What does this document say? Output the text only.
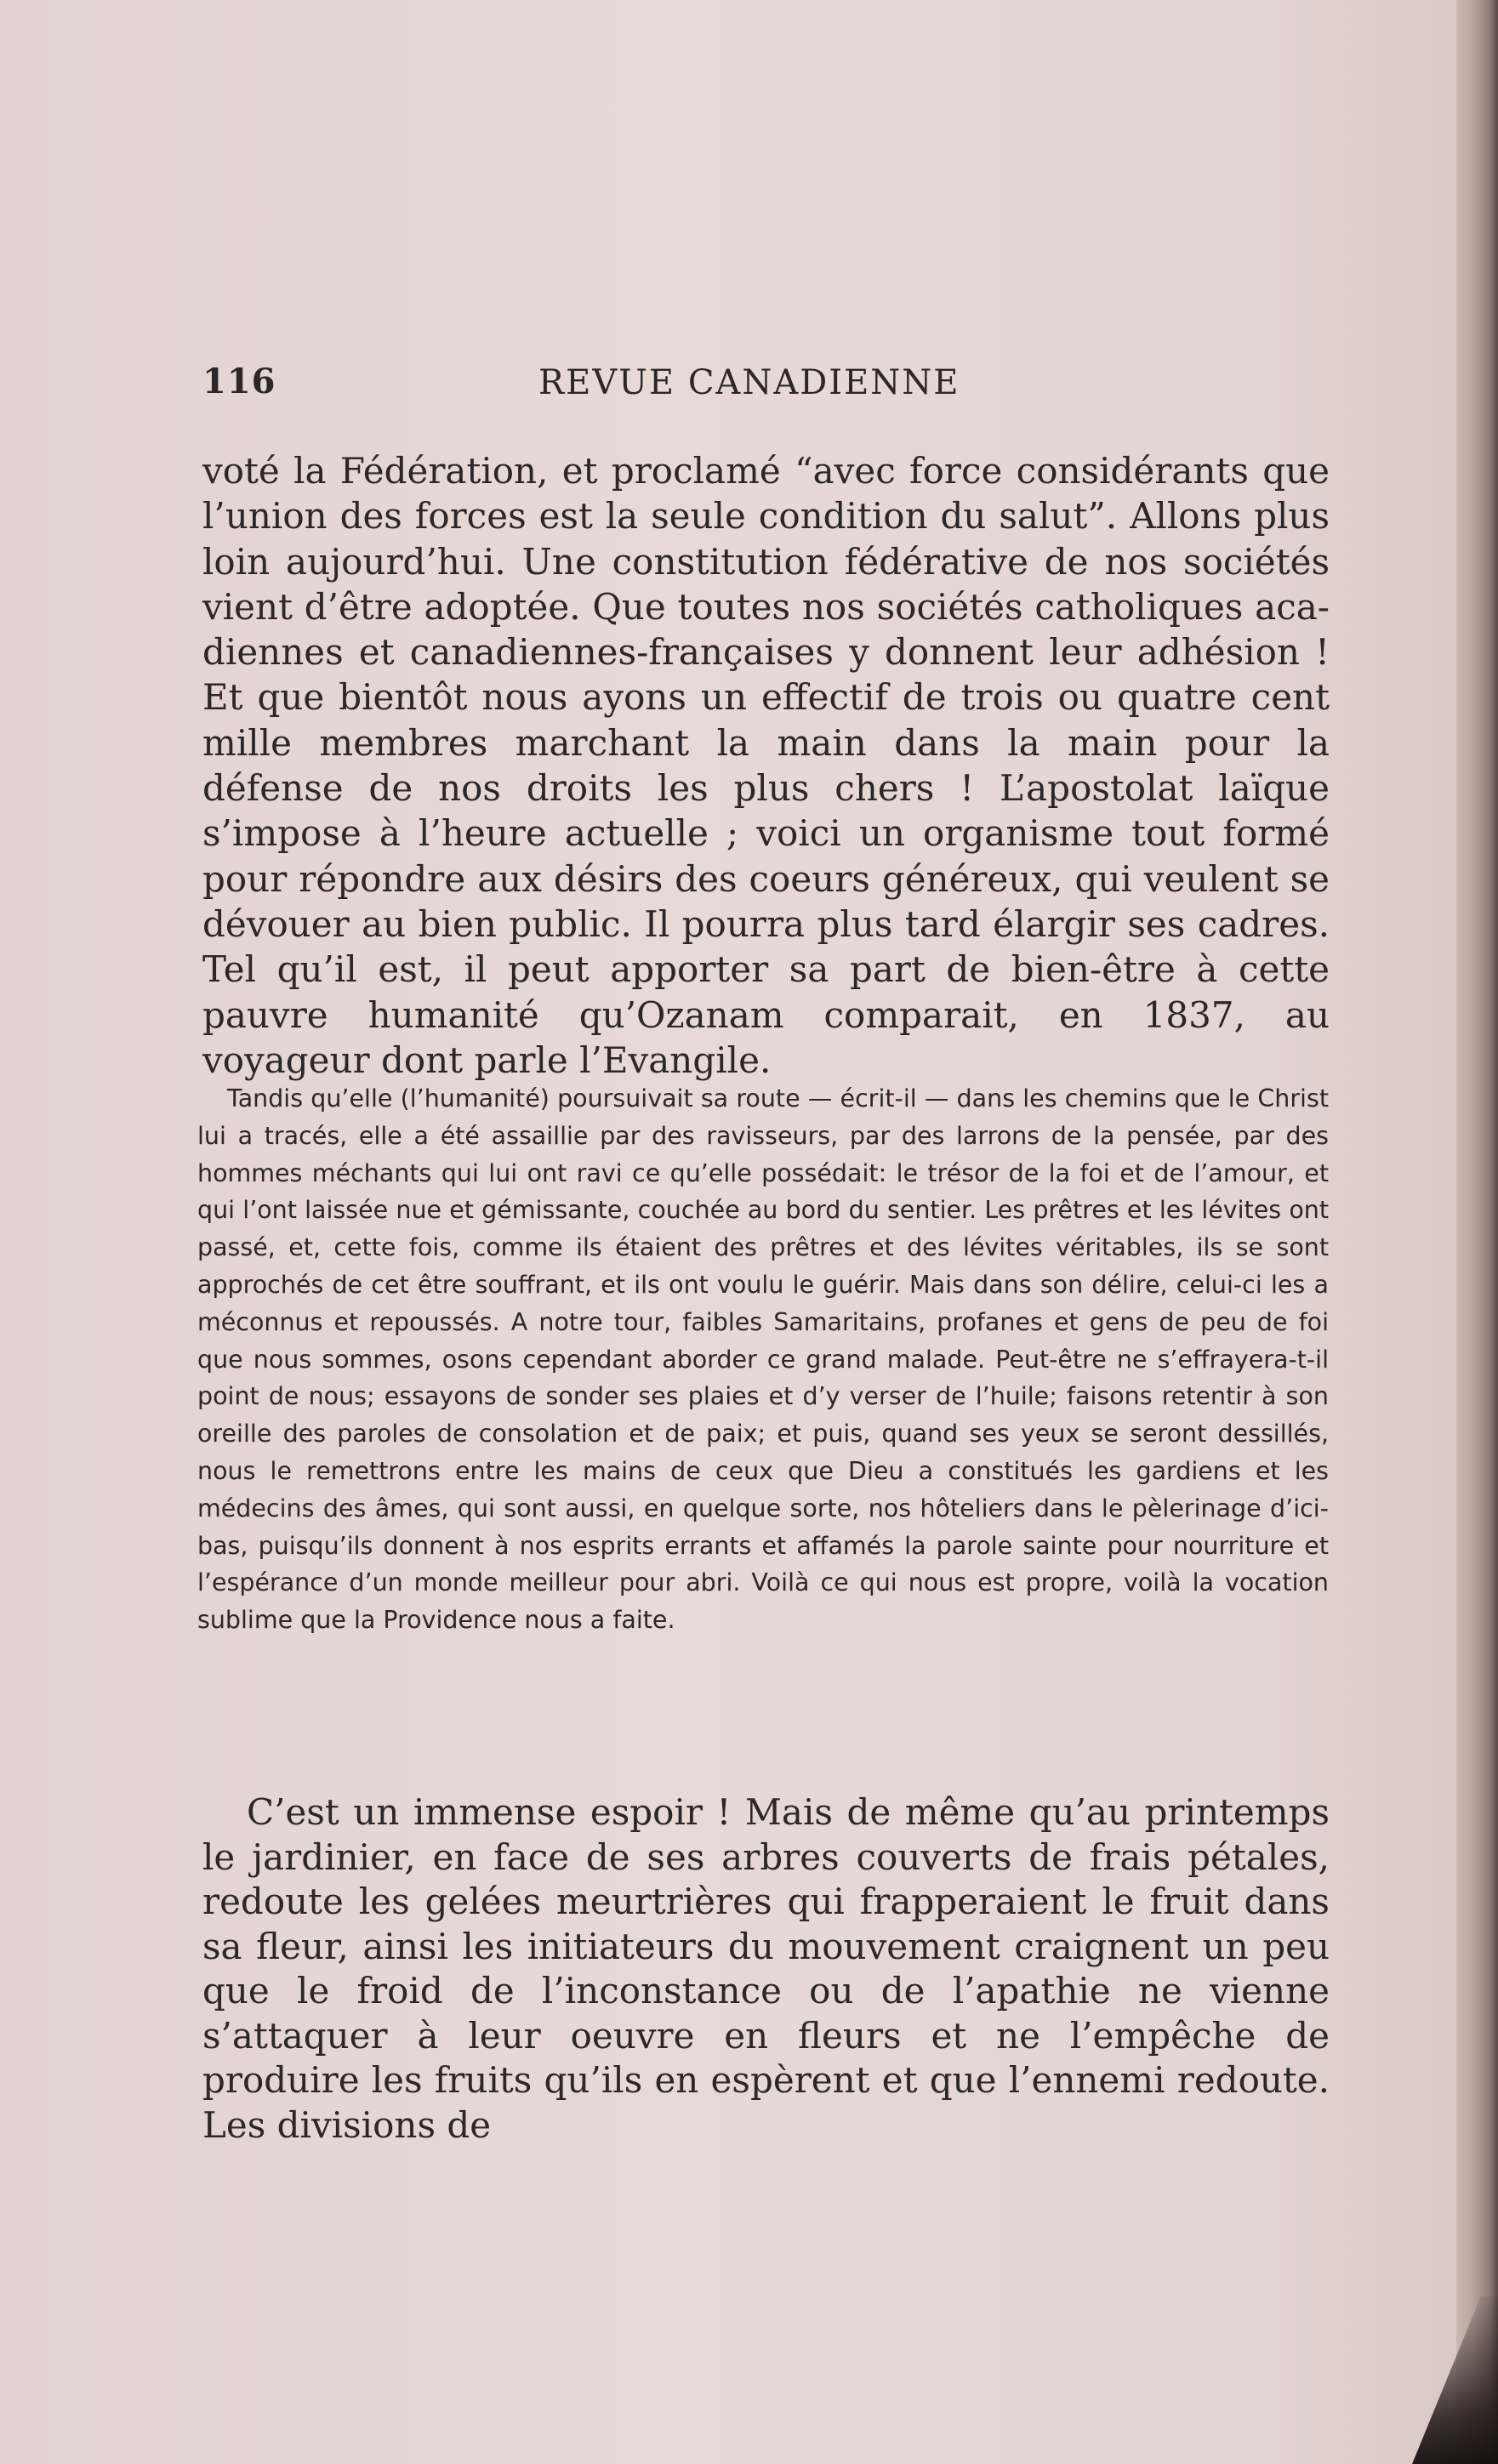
116	REVUE CANADIENNE

voté la Fédération, et proclamé “avec force considérants que l’union des forces est la seule condition du salut”. Allons plus loin aujourd’hui. Une constitution fédérative de nos sociétés vient d’être adoptée. Que toutes nos sociétés catholiques acadiennes et canadiennes-françaises y donnent leur adhésion ! Et que bientôt nous ayons un effectif de trois ou quatre cent mille membres marchant la main dans la main pour la défense de nos droits les plus chers ! L’apostolat laïque s’impose à l’heure actuelle ; voici un organisme tout formé pour répondre aux désirs des coeurs généreux, qui veulent se dévouer au bien public. Il pourra plus tard élargir ses cadres. Tel qu’il est, il peut apporter sa part de bien-être à cette pauvre humanité qu’Ozanam comparait, en 1837, au voyageur dont parle l’Evangile.

Tandis qu’elle (l’humanité) poursuivait sa route — écrit-il — dans les chemins que le Christ lui a tracés, elle a été assaillie par des ravisseurs, par des larrons de la pensée, par des hommes méchants qui lui ont ravi ce qu’elle possédait: le trésor de la foi et de l’amour, et qui l’ont laissée nue et gémissante, couchée au bord du sentier. Les prêtres et les lévites ont passé, et, cette fois, comme ils étaient des prêtres et des lévites véritables, ils se sont approchés de cet être souffrant, et ils ont voulu le guérir. Mais dans son délire, celui-ci les a méconnus et repoussés. A notre tour, faibles Samaritains, profanes et gens de peu de foi que nous sommes, osons cependant aborder ce grand malade. Peut-être ne s’effrayera-t-il point de nous; essayons de sonder ses plaies et d’y verser de l’huile; faisons retentir à son oreille des paroles de consolation et de paix; et puis, quand ses yeux se seront dessillés, nous le remettrons entre les mains de ceux que Dieu a constitués les gardiens et les médecins des âmes, qui sont aussi, en quelque sorte, nos hôteliers dans le pèlerinage d’ici-bas, puisqu’ils donnent à nos esprits errants et affamés la parole sainte pour nourriture et l’espérance d’un monde meilleur pour abri. Voilà ce qui nous est propre, voilà la vocation sublime que la Providence nous a faite.

C’est un immense espoir ! Mais de même qu’au printemps le jardinier, en face de ses arbres couverts de frais pétales, redoute les gelées meurtrières qui frapperaient le fruit dans sa fleur, ainsi les initiateurs du mouvement craignent un peu que le froid de l’inconstance ou de l’apathie ne vienne s’attaquer à leur oeuvre en fleurs et ne l’empêche de produire les fruits qu’ils en espèrent et que l’ennemi redoute. Les divisions de
